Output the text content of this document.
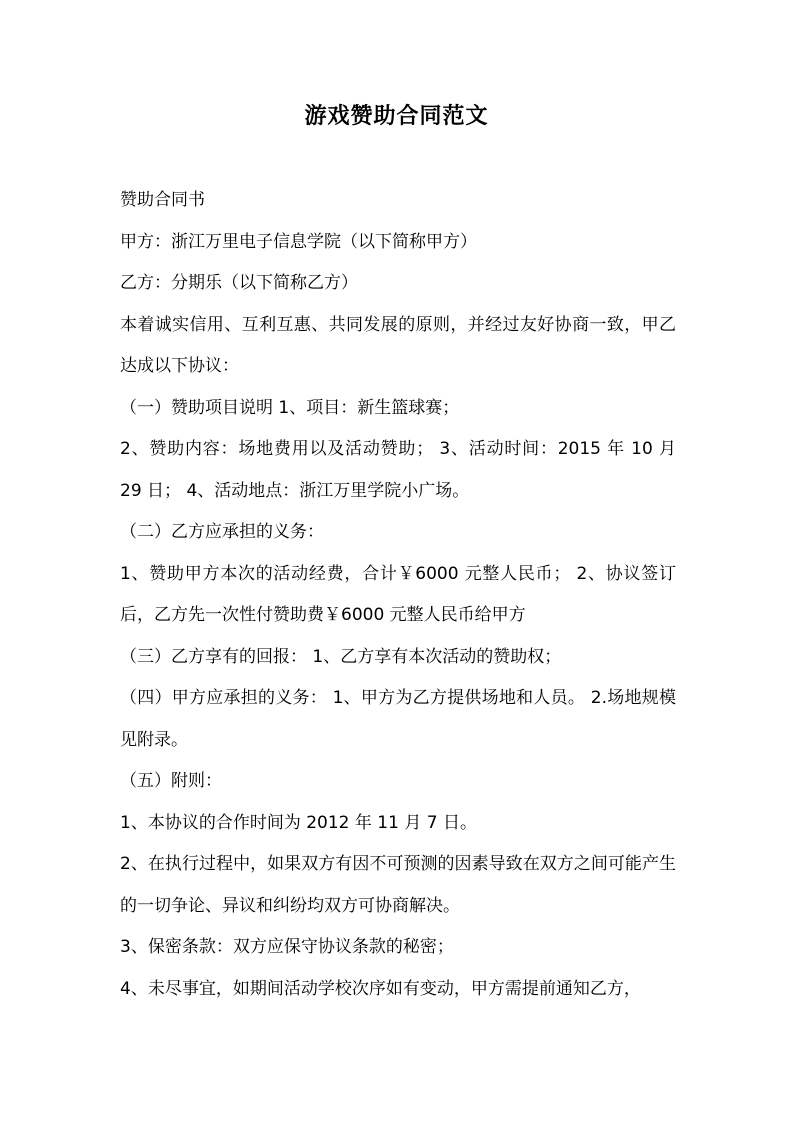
游戏赞助合同范文

赞助合同书

甲方：浙江万里电子信息学院（以下简称甲方）

乙方：分期乐（以下简称乙方）

本着诚实信用、互利互惠、共同发展的原则，并经过友好协商一致，甲乙达成以下协议：

（一）赞助项目说明 1、项目：新生篮球赛；

2、赞助内容：场地费用以及活动赞助； 3、活动时间：2015 年 10 月 29 日； 4、活动地点：浙江万里学院小广场。

（二）乙方应承担的义务：

1、赞助甲方本次的活动经费，合计￥6000 元整人民币； 2、协议签订后，乙方先一次性付赞助费￥6000 元整人民币给甲方

（三）乙方享有的回报： 1、乙方享有本次活动的赞助权；

（四）甲方应承担的义务： 1、甲方为乙方提供场地和人员。 2.场地规模见附录。

（五）附则：

1、本协议的合作时间为 2012 年 11 月 7 日。

2、在执行过程中，如果双方有因不可预测的因素导致在双方之间可能产生的一切争论、异议和纠纷均双方可协商解决。

3、保密条款：双方应保守协议条款的秘密；

4、未尽事宜，如期间活动学校次序如有变动，甲方需提前通知乙方，
